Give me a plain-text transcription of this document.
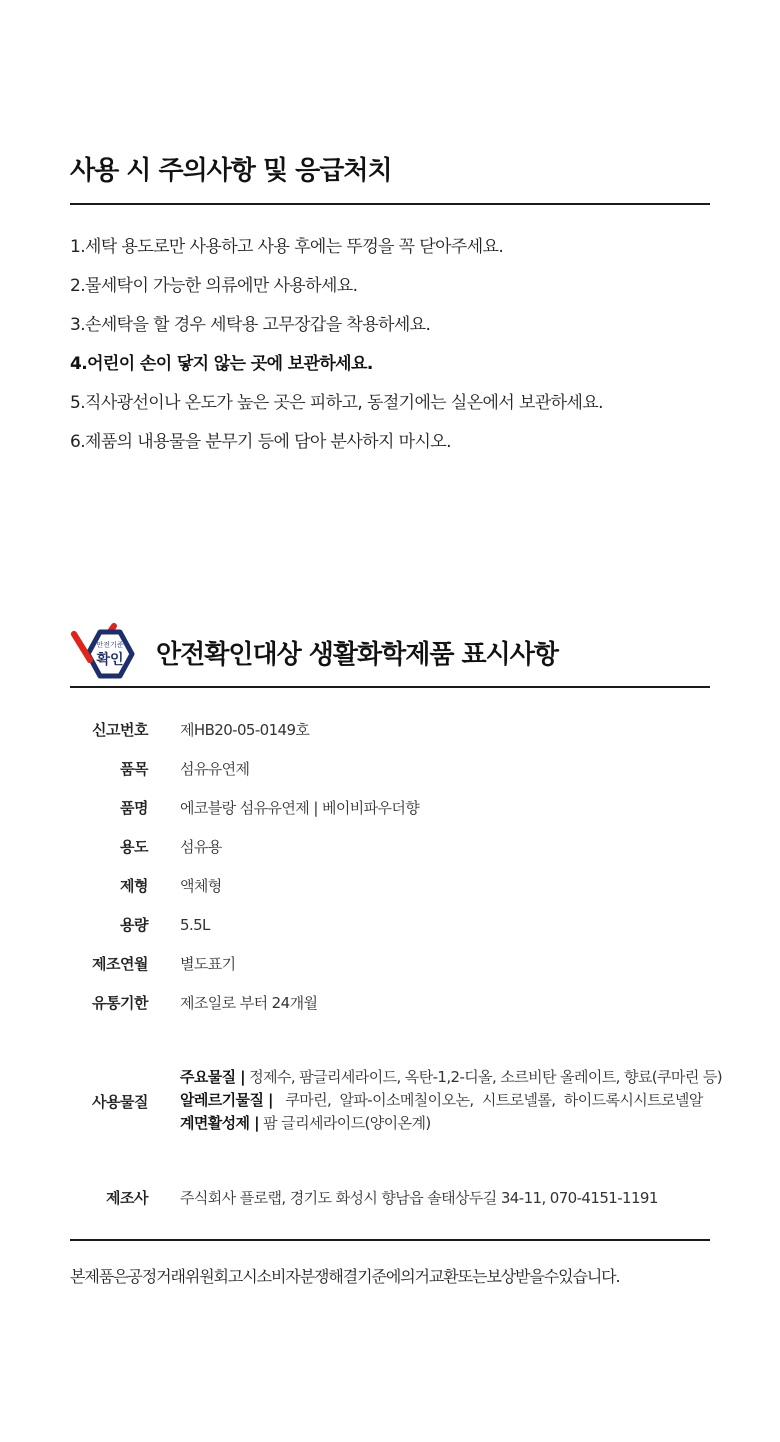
사용 시 주의사항 및 응급처치
1.세탁 용도로만 사용하고 사용 후에는 뚜껑을 꼭 닫아주세요.
2.물세탁이 가능한 의류에만 사용하세요.
3.손세탁을 할 경우 세탁용 고무장갑을 착용하세요.
4.어린이 손이 닿지 않는 곳에 보관하세요.
5.직사광선이나 온도가 높은 곳은 피하고, 동절기에는 실온에서 보관하세요.
6.제품의 내용물을 분무기 등에 담아 분사하지 마시오.
안전기준
확인 안전확인대상 생활화학제품 표시사항
신고번호 제HB20-05-0149호
품목 섬유유연제
품명 에코블랑 섬유유연제 | 베이비파우더향
용도 섬유용
제형 액체형
용량 5.5L
제조연월 별도표기
유통기한 제조일로 부터 24개월
사용물질
주요물질 | 정제수, 팜글리세라이드, 옥탄-1,2-디올, 소르비탄 올레이트, 향료(쿠마린 등)
알레르기물질 |   쿠마린,  알파-이소메칠이오논,  시트로넬롤,  하이드록시시트로넬알
계면활성제 | 팜 글리세라이드(양이온계)
제조사 주식회사 플로랩, 경기도 화성시 향남읍 솔태상두길 34-11, 070-4151-1191
본제품은공정거래위원회고시소비자분쟁해결기준에의거교환또는보상받을수있습니다.
